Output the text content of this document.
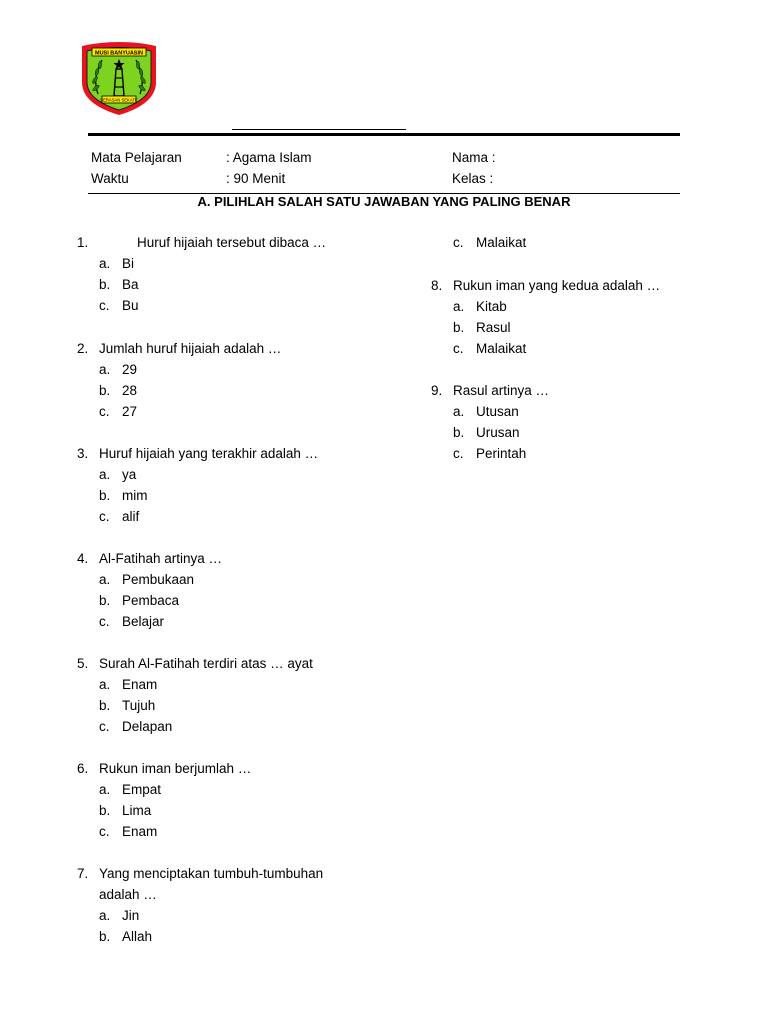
MUSI BANYUASIN
SERASAN SEKATE
Mata Pelajaran	: Agama Islam
Waktu	: 90 Menit
Nama :
Kelas :
A. PILIHLAH SALAH SATU JAWABAN YANG PALING BENAR
1.	Huruf hijaiah tersebut dibaca …
a. Bi
b. Ba
c. Bu
2. Jumlah huruf hijaiah adalah …
a. 29
b. 28
c. 27
3. Huruf hijaiah yang terakhir adalah …
a. ya
b. mim
c. alif
4. Al-Fatihah artinya …
a. Pembukaan
b. Pembaca
c. Belajar
5. Surah Al-Fatihah terdiri atas … ayat
a. Enam
b. Tujuh
c. Delapan
6. Rukun iman berjumlah …
a. Empat
b. Lima
c. Enam
7. Yang menciptakan tumbuh-tumbuhan
adalah …
a. Jin
b. Allah
c. Malaikat
8. Rukun iman yang kedua adalah …
a. Kitab
b. Rasul
c. Malaikat
9. Rasul artinya …
a. Utusan
b. Urusan
c. Perintah
